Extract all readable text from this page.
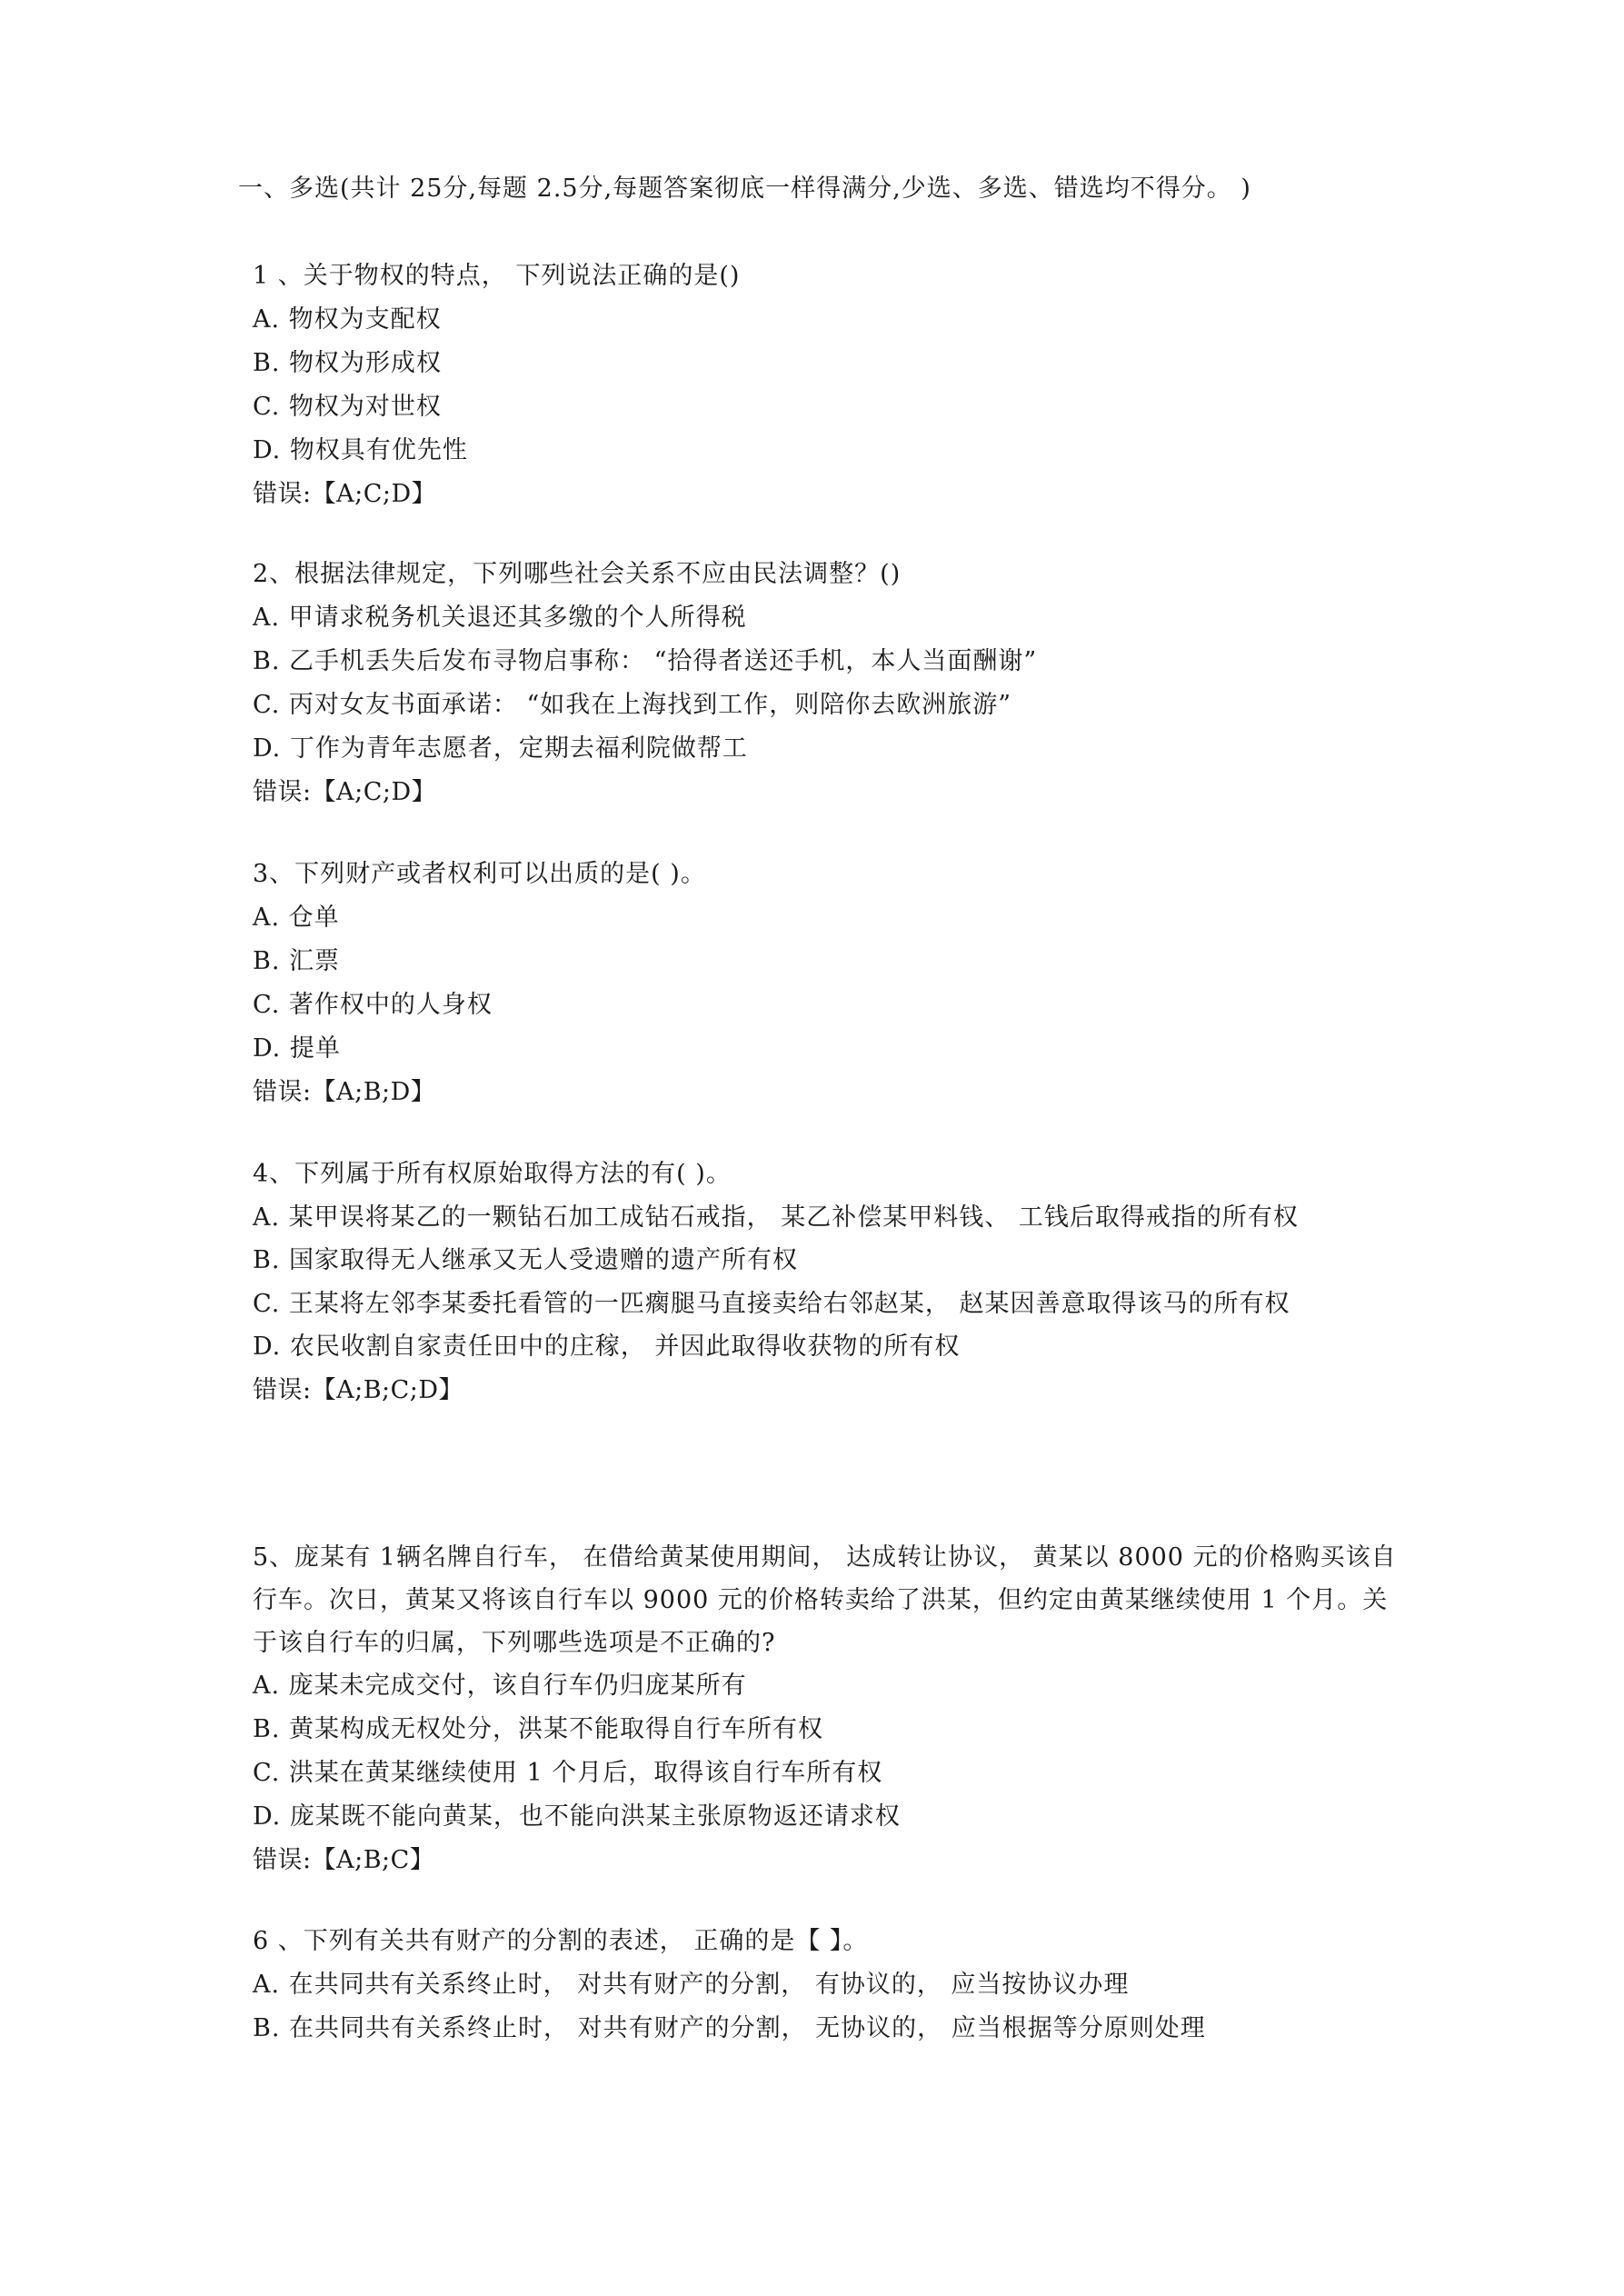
一、多选(共计 25分,每题 2.5分,每题答案彻底一样得满分,少选、多选、错选均不得分。 )
1 、关于物权的特点， 下列说法正确的是()
A. 物权为支配权
B. 物权为形成权
C. 物权为对世权
D. 物权具有优先性
错误:【A;C;D】
2、根据法律规定，下列哪些社会关系不应由民法调整？()
A. 甲请求税务机关退还其多缴的个人所得税
B. 乙手机丢失后发布寻物启事称： “拾得者送还手机，本人当面酬谢”
C. 丙对女友书面承诺： “如我在上海找到工作，则陪你去欧洲旅游”
D. 丁作为青年志愿者，定期去福利院做帮工
错误:【A;C;D】
3、下列财产或者权利可以出质的是( )。
A. 仓单
B. 汇票
C. 著作权中的人身权
D. 提单
错误:【A;B;D】
4、下列属于所有权原始取得方法的有( )。
A. 某甲误将某乙的一颗钻石加工成钻石戒指， 某乙补偿某甲料钱、 工钱后取得戒指的所有权
B. 国家取得无人继承又无人受遗赠的遗产所有权
C. 王某将左邻李某委托看管的一匹瘸腿马直接卖给右邻赵某， 赵某因善意取得该马的所有权
D. 农民收割自家责任田中的庄稼， 并因此取得收获物的所有权
错误:【A;B;C;D】
5、庞某有 1辆名牌自行车， 在借给黄某使用期间， 达成转让协议， 黄某以 8000 元的价格购买该自行车。次日，黄某又将该自行车以 9000 元的价格转卖给了洪某，但约定由黄某继续使用 1 个月。关于该自行车的归属，下列哪些选项是不正确的?
A. 庞某未完成交付，该自行车仍归庞某所有
B. 黄某构成无权处分，洪某不能取得自行车所有权
C. 洪某在黄某继续使用 1 个月后，取得该自行车所有权
D. 庞某既不能向黄某，也不能向洪某主张原物返还请求权
错误:【A;B;C】
6 、下列有关共有财产的分割的表述， 正确的是【 】。
A. 在共同共有关系终止时， 对共有财产的分割， 有协议的， 应当按协议办理
B. 在共同共有关系终止时， 对共有财产的分割， 无协议的， 应当根据等分原则处理
